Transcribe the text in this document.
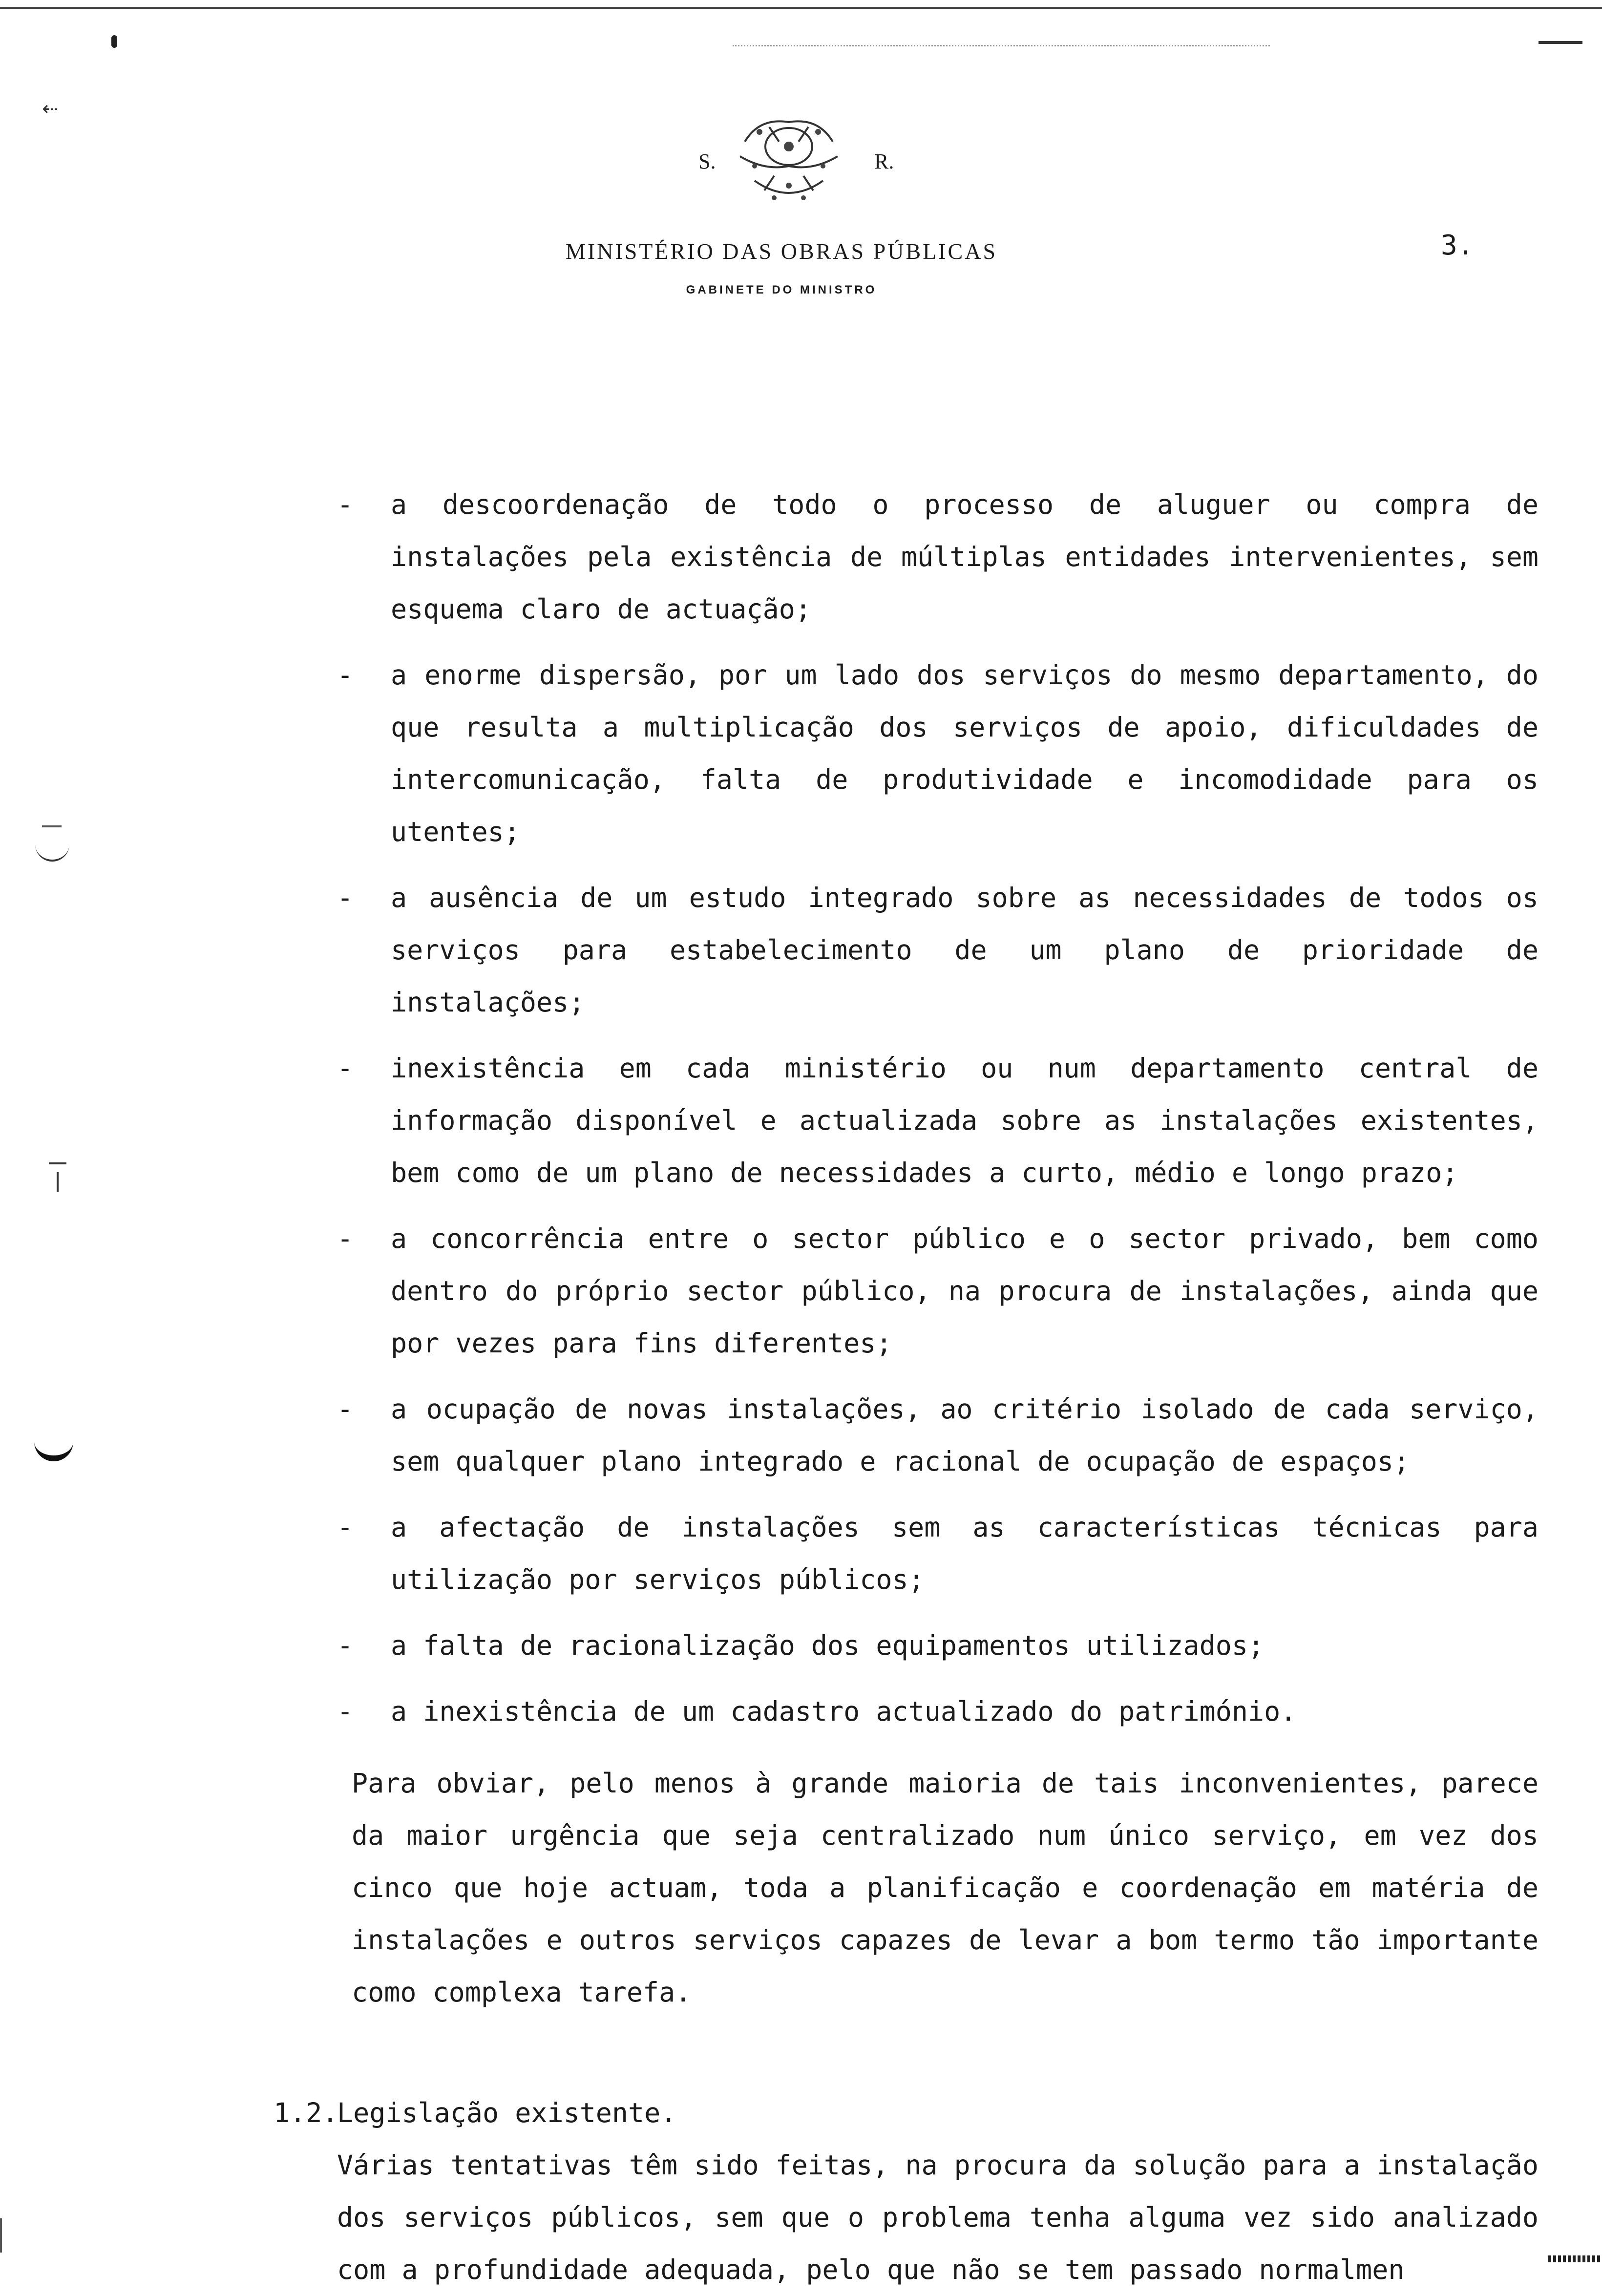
⇠
S.	R.
MINISTÉRIO DAS OBRAS PÚBLICAS
GABINETE DO MINISTRO
3.
-	a descoordenação de todo o processo de aluguer ou compra de instalações pela existência de múltiplas entidades intervenientes, sem esquema claro de actuação;
-	a enorme dispersão, por um lado dos serviços do mesmo departamento, do que resulta a multiplicação dos serviços de apoio, dificuldades de intercomunicação, falta de produtividade e incomodidade para os utentes;
-	a ausência de um estudo integrado sobre as necessidades de todos os serviços para estabelecimento de um plano de prioridade de instalações;
-	inexistência em cada ministério ou num departamento central de informação disponível e actualizada sobre as instalações existentes, bem como de um plano de necessidades a curto, médio e longo prazo;
-	a concorrência entre o sector público e o sector privado, bem como dentro do próprio sector público, na procura de instalações, ainda que por vezes para fins diferentes;
-	a ocupação de novas instalações, ao critério isolado de cada serviço, sem qualquer plano integrado e racional de ocupação de espaços;
-	a afectação de instalações sem as características técnicas para utilização por serviços públicos;
-	a falta de racionalização dos equipamentos utilizados;
-	a inexistência de um cadastro actualizado do património.
Para obviar, pelo menos à grande maioria de tais inconvenientes, parece da maior urgência que seja centralizado num único serviço, em vez dos cinco que hoje actuam, toda a planificação e coordenação em matéria de instalações e outros serviços capazes de levar a bom termo tão importante como complexa tarefa.
1.2.Legislação existente.
Várias tentativas têm sido feitas, na procura da solução para a instalação dos serviços públicos, sem que o problema tenha alguma vez sido analizado com a profundidade adequada, pelo que não se tem passado normalmen
